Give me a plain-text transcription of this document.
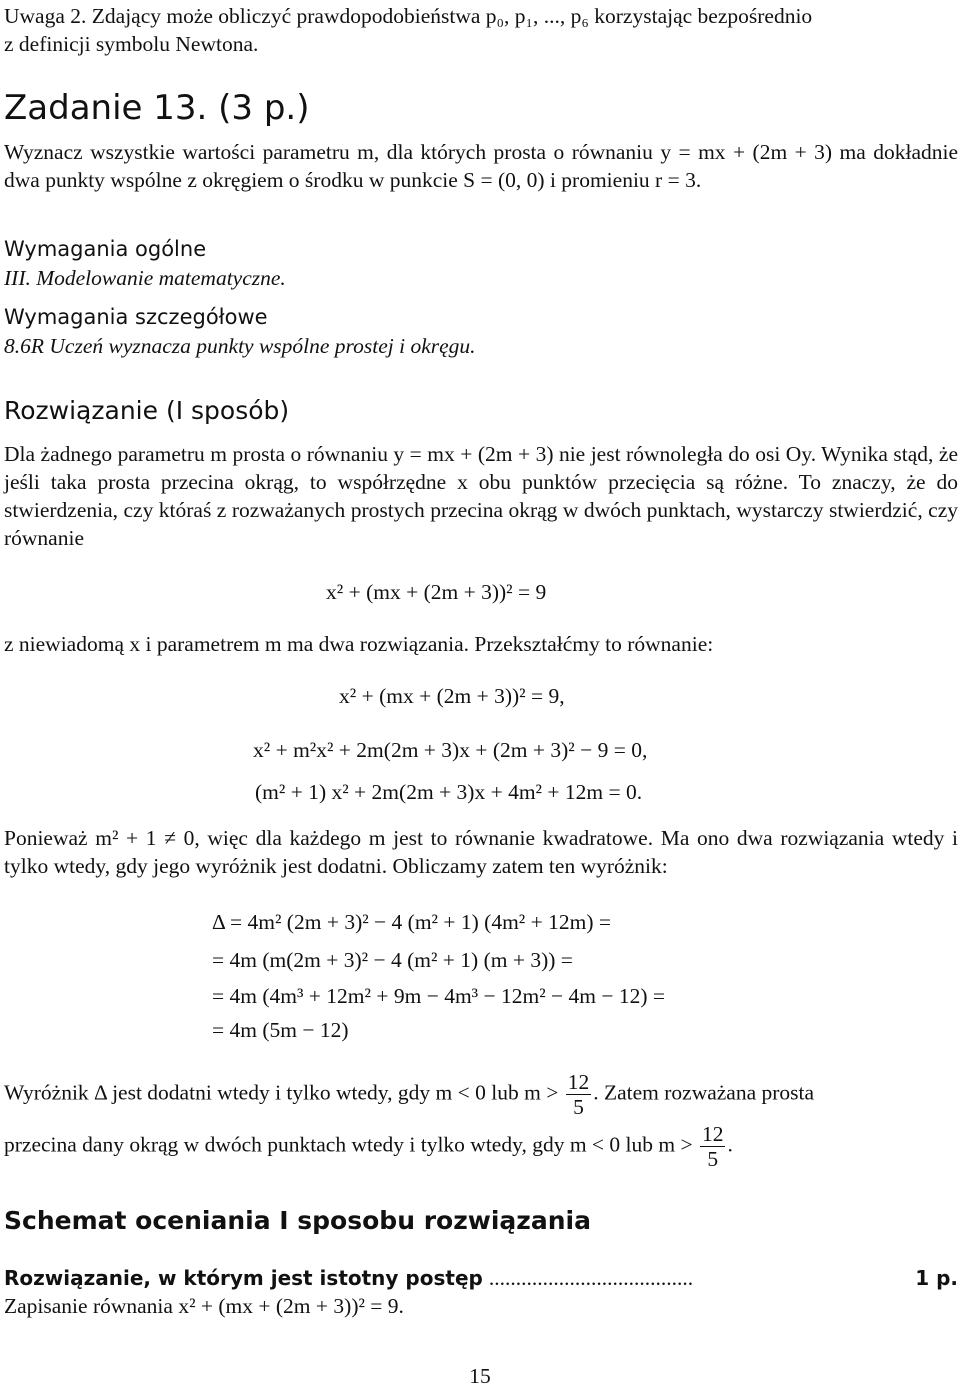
Uwaga 2. Zdający może obliczyć prawdopodobieństwa p₀, p₁, ..., p₆ korzystając bezpośrednio
z definicji symbolu Newtona.
Zadanie 13. (3 p.)
Wyznacz wszystkie wartości parametru m, dla których prosta o równaniu y = mx + (2m + 3) ma dokładnie dwa punkty wspólne z okręgiem o środku w punkcie S = (0, 0) i promieniu r = 3.
Wymagania ogólne
III. Modelowanie matematyczne.
Wymagania szczegółowe
8.6R Uczeń wyznacza punkty wspólne prostej i okręgu.
Rozwiązanie (I sposób)
Dla żadnego parametru m prosta o równaniu y = mx + (2m + 3) nie jest równoległa do osi Oy. Wynika stąd, że jeśli taka prosta przecina okrąg, to współrzędne x obu punktów przecięcia są różne. To znaczy, że do stwierdzenia, czy któraś z rozważanych prostych przecina okrąg w dwóch punktach, wystarczy stwierdzić, czy równanie
x² + (mx + (2m + 3))² = 9
z niewiadomą x i parametrem m ma dwa rozwiązania. Przekształćmy to równanie:
x² + (mx + (2m + 3))² = 9,
x² + m²x² + 2m(2m + 3)x + (2m + 3)² − 9 = 0,
(m² + 1) x² + 2m(2m + 3)x + 4m² + 12m = 0.
Ponieważ m² + 1 ≠ 0, więc dla każdego m jest to równanie kwadratowe. Ma ono dwa rozwiązania wtedy i tylko wtedy, gdy jego wyróżnik jest dodatni. Obliczamy zatem ten wyróżnik:
Δ = 4m² (2m + 3)² − 4 (m² + 1) (4m² + 12m) =
= 4m (m(2m + 3)² − 4 (m² + 1) (m + 3)) =
= 4m (4m³ + 12m² + 9m − 4m³ − 12m² − 4m − 12) =
= 4m (5m − 12)
Wyróżnik Δ jest dodatni wtedy i tylko wtedy, gdy m < 0 lub $m > \frac{12}{5}$ . Zatem rozważana prosta
przecina dany okrąg w dwóch punktach wtedy i tylko wtedy, gdy m < 0 lub $m > \frac{12}{5}$ .
Schemat oceniania I sposobu rozwiązania
Rozwiązanie, w którym jest istotny postęp ......................................	1 p.
Zapisanie równania x² + (mx + (2m + 3))² = 9.
15
